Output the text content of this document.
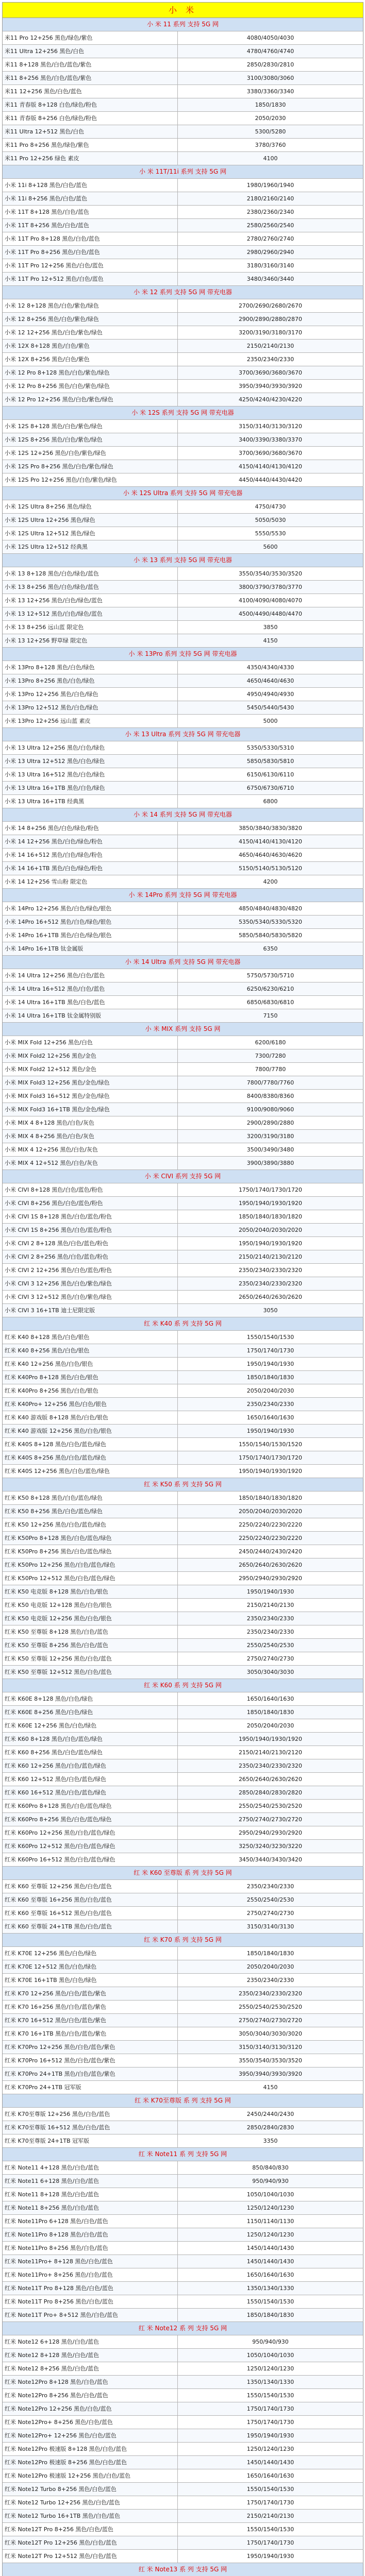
小 米
小 米 11 系列 支持 5G 网
米11 Pro 12+256 黑色/绿色/紫色	4080/4050/4030
米11 Ultra 12+256 黑色/白色	4780/4760/4740
米11 8+128 黑色/白色/蓝色/紫色	2850/2830/2810
米11 8+256 黑色/白色/蓝色/紫色	3100/3080/3060
米11 12+256 黑色/白色/蓝色	3380/3360/3340
米11 青春版 8+128 白色/绿色/粉色	1850/1830
米11 青春版 8+256 白色/绿色/粉色	2050/2030
米11 Ultra 12+512 黑色/白色	5300/5280
米11 Pro 8+256 黑色/绿色/紫色	3780/3760
米11 Pro 12+256 绿色 素皮	4100
小 米 11T/11i 系列 支持 5G 网
小米 11i 8+128 黑色/白色/蓝色	1980/1960/1940
小米 11i 8+256 黑色/白色/蓝色	2180/2160/2140
小米 11T 8+128 黑色/白色/蓝色	2380/2360/2340
小米 11T 8+256 黑色/白色/蓝色	2580/2560/2540
小米 11T Pro 8+128 黑色/白色/蓝色	2780/2760/2740
小米 11T Pro 8+256 黑色/白色/蓝色	2980/2960/2940
小米 11T Pro 12+256 黑色/白色/蓝色	3180/3160/3140
小米 11T Pro 12+512 黑色/白色/蓝色	3480/3460/3440
小 米 12 系列 支持 5G 网 带充电器
小米 12 8+128 黑色/白色/紫色/绿色	2700/2690/2680/2670
小米 12 8+256 黑色/白色/紫色/绿色	2900/2890/2880/2870
小米 12 12+256 黑色/白色/紫色/绿色	3200/3190/3180/3170
小米 12X 8+128 黑色/白色/紫色	2150/2140/2130
小米 12X 8+256 黑色/白色/紫色	2350/2340/2330
小米 12 Pro 8+128 黑色/白色/紫色/绿色	3700/3690/3680/3670
小米 12 Pro 8+256 黑色/白色/紫色/绿色	3950/3940/3930/3920
小米 12 Pro 12+256 黑色/白色/紫色/绿色	4250/4240/4230/4220
小 米 12S 系列 支持 5G 网 带充电器
小米 12S 8+128 黑色/白色/紫色/绿色	3150/3140/3130/3120
小米 12S 8+256 黑色/白色/紫色/绿色	3400/3390/3380/3370
小米 12S 12+256 黑色/白色/紫色/绿色	3700/3690/3680/3670
小米 12S Pro 8+256 黑色/白色/紫色/绿色	4150/4140/4130/4120
小米 12S Pro 12+256 黑色/白色/紫色/绿色	4450/4440/4430/4420
小 米 12S Ultra 系列 支持 5G 网 带充电器
小米 12S Ultra 8+256 黑色/绿色	4750/4730
小米 12S Ultra 12+256 黑色/绿色	5050/5030
小米 12S Ultra 12+512 黑色/绿色	5550/5530
小米 12S Ultra 12+512 经典黑	5600
小 米 13 系列 支持 5G 网 带充电器
小米 13 8+128 黑色/白色/绿色/蓝色	3550/3540/3530/3520
小米 13 8+256 黑色/白色/绿色/蓝色	3800/3790/3780/3770
小米 13 12+256 黑色/白色/绿色/蓝色	4100/4090/4080/4070
小米 13 12+512 黑色/白色/绿色/蓝色	4500/4490/4480/4470
小米 13 8+256 远山蓝 限定色	3850
小米 13 12+256 野草绿 限定色	4150
小 米 13Pro 系列 支持 5G 网 带充电器
小米 13Pro 8+128 黑色/白色/绿色	4350/4340/4330
小米 13Pro 8+256 黑色/白色/绿色	4650/4640/4630
小米 13Pro 12+256 黑色/白色/绿色	4950/4940/4930
小米 13Pro 12+512 黑色/白色/绿色	5450/5440/5430
小米 13Pro 12+256 远山蓝 素皮	5000
小 米 13 Ultra 系列 支持 5G 网 带充电器
小米 13 Ultra 12+256 黑色/白色/绿色	5350/5330/5310
小米 13 Ultra 12+512 黑色/白色/绿色	5850/5830/5810
小米 13 Ultra 16+512 黑色/白色/绿色	6150/6130/6110
小米 13 Ultra 16+1TB 黑色/白色/绿色	6750/6730/6710
小米 13 Ultra 16+1TB 经典黑	6800
小 米 14 系列 支持 5G 网 带充电器
小米 14 8+256 黑色/白色/绿色/粉色	3850/3840/3830/3820
小米 14 12+256 黑色/白色/绿色/粉色	4150/4140/4130/4120
小米 14 16+512 黑色/白色/绿色/粉色	4650/4640/4630/4620
小米 14 16+1TB 黑色/白色/绿色/粉色	5150/5140/5130/5120
小米 14 12+256 雪山粉 限定色	4200
小 米 14Pro 系列 支持 5G 网 带充电器
小米 14Pro 12+256 黑色/白色/绿色/银色	4850/4840/4830/4820
小米 14Pro 16+512 黑色/白色/绿色/银色	5350/5340/5330/5320
小米 14Pro 16+1TB 黑色/白色/绿色/银色	5850/5840/5830/5820
小米 14Pro 16+1TB 钛金属版	6350
小 米 14 Ultra 系列 支持 5G 网 带充电器
小米 14 Ultra 12+256 黑色/白色/蓝色	5750/5730/5710
小米 14 Ultra 16+512 黑色/白色/蓝色	6250/6230/6210
小米 14 Ultra 16+1TB 黑色/白色/蓝色	6850/6830/6810
小米 14 Ultra 16+1TB 钛金属特别版	7150
小 米 MIX 系列 支持 5G 网
小米 MIX Fold 12+256 黑色/白色	6200/6180
小米 MIX Fold2 12+256 黑色/金色	7300/7280
小米 MIX Fold2 12+512 黑色/金色	7800/7780
小米 MIX Fold3 12+256 黑色/金色/绿色	7800/7780/7760
小米 MIX Fold3 16+512 黑色/金色/绿色	8400/8380/8360
小米 MIX Fold3 16+1TB 黑色/金色/绿色	9100/9080/9060
小米 MIX 4 8+128 黑色/白色/灰色	2900/2890/2880
小米 MIX 4 8+256 黑色/白色/灰色	3200/3190/3180
小米 MIX 4 12+256 黑色/白色/灰色	3500/3490/3480
小米 MIX 4 12+512 黑色/白色/灰色	3900/3890/3880
小 米 CIVI 系列 支持 5G 网
小米 CIVI 8+128 黑色/白色/蓝色/粉色	1750/1740/1730/1720
小米 CIVI 8+256 黑色/白色/蓝色/粉色	1950/1940/1930/1920
小米 CIVI 1S 8+128 黑色/白色/蓝色/粉色	1850/1840/1830/1820
小米 CIVI 1S 8+256 黑色/白色/蓝色/粉色	2050/2040/2030/2020
小米 CIVI 2 8+128 黑色/白色/蓝色/粉色	1950/1940/1930/1920
小米 CIVI 2 8+256 黑色/白色/蓝色/粉色	2150/2140/2130/2120
小米 CIVI 2 12+256 黑色/白色/蓝色/粉色	2350/2340/2330/2320
小米 CIVI 3 12+256 黑色/白色/紫色/绿色	2350/2340/2330/2320
小米 CIVI 3 12+512 黑色/白色/紫色/绿色	2650/2640/2630/2620
小米 CIVI 3 16+1TB 迪士尼限定版	3050
红 米 K40 系 列 支持 5G 网
红米 K40 8+128 黑色/白色/银色	1550/1540/1530
红米 K40 8+256 黑色/白色/银色	1750/1740/1730
红米 K40 12+256 黑色/白色/银色	1950/1940/1930
红米 K40Pro 8+128 黑色/白色/银色	1850/1840/1830
红米 K40Pro 8+256 黑色/白色/银色	2050/2040/2030
红米 K40Pro+ 12+256 黑色/白色/银色	2350/2340/2330
红米 K40 游戏版 8+128 黑色/白色/银色	1650/1640/1630
红米 K40 游戏版 12+256 黑色/白色/银色	1950/1940/1930
红米 K40S 8+128 黑色/白色/蓝色/绿色	1550/1540/1530/1520
红米 K40S 8+256 黑色/白色/蓝色/绿色	1750/1740/1730/1720
红米 K40S 12+256 黑色/白色/蓝色/绿色	1950/1940/1930/1920
红 米 K50 系 列 支持 5G 网
红米 K50 8+128 黑色/白色/蓝色/绿色	1850/1840/1830/1820
红米 K50 8+256 黑色/白色/蓝色/绿色	2050/2040/2030/2020
红米 K50 12+256 黑色/白色/蓝色/绿色	2250/2240/2230/2220
红米 K50Pro 8+128 黑色/白色/蓝色/绿色	2250/2240/2230/2220
红米 K50Pro 8+256 黑色/白色/蓝色/绿色	2450/2440/2430/2420
红米 K50Pro 12+256 黑色/白色/蓝色/绿色	2650/2640/2630/2620
红米 K50Pro 12+512 黑色/白色/蓝色/绿色	2950/2940/2930/2920
红米 K50 电竞版 8+128 黑色/白色/银色	1950/1940/1930
红米 K50 电竞版 12+128 黑色/白色/银色	2150/2140/2130
红米 K50 电竞版 12+256 黑色/白色/银色	2350/2340/2330
红米 K50 至尊版 8+128 黑色/白色/蓝色	2350/2340/2330
红米 K50 至尊版 8+256 黑色/白色/蓝色	2550/2540/2530
红米 K50 至尊版 12+256 黑色/白色/蓝色	2750/2740/2730
红米 K50 至尊版 12+512 黑色/白色/蓝色	3050/3040/3030
红 米 K60 系 列 支持 5G 网
红米 K60E 8+128 黑色/白色/绿色	1650/1640/1630
红米 K60E 8+256 黑色/白色/绿色	1850/1840/1830
红米 K60E 12+256 黑色/白色/绿色	2050/2040/2030
红米 K60 8+128 黑色/白色/蓝色/绿色	1950/1940/1930/1920
红米 K60 8+256 黑色/白色/蓝色/绿色	2150/2140/2130/2120
红米 K60 12+256 黑色/白色/蓝色/绿色	2350/2340/2330/2320
红米 K60 12+512 黑色/白色/蓝色/绿色	2650/2640/2630/2620
红米 K60 16+512 黑色/白色/蓝色/绿色	2850/2840/2830/2820
红米 K60Pro 8+128 黑色/白色/蓝色/绿色	2550/2540/2530/2520
红米 K60Pro 8+256 黑色/白色/蓝色/绿色	2750/2740/2730/2720
红米 K60Pro 12+256 黑色/白色/蓝色/绿色	2950/2940/2930/2920
红米 K60Pro 12+512 黑色/白色/蓝色/绿色	3250/3240/3230/3220
红米 K60Pro 16+512 黑色/白色/蓝色/绿色	3450/3440/3430/3420
红 米 K60 至尊版 系 列 支持 5G 网
红米 K60 至尊版 12+256 黑色/白色/蓝色	2350/2340/2330
红米 K60 至尊版 16+256 黑色/白色/蓝色	2550/2540/2530
红米 K60 至尊版 16+512 黑色/白色/蓝色	2750/2740/2730
红米 K60 至尊版 24+1TB 黑色/白色/蓝色	3150/3140/3130
红 米 K70 系 列 支持 5G 网
红米 K70E 12+256 黑色/白色/绿色	1850/1840/1830
红米 K70E 12+512 黑色/白色/绿色	2050/2040/2030
红米 K70E 16+1TB 黑色/白色/绿色	2350/2340/2330
红米 K70 12+256 黑色/白色/蓝色/紫色	2350/2340/2330/2320
红米 K70 16+256 黑色/白色/蓝色/紫色	2550/2540/2530/2520
红米 K70 16+512 黑色/白色/蓝色/紫色	2750/2740/2730/2720
红米 K70 16+1TB 黑色/白色/蓝色/紫色	3050/3040/3030/3020
红米 K70Pro 12+256 黑色/白色/蓝色/紫色	3150/3140/3130/3120
红米 K70Pro 16+512 黑色/白色/蓝色/紫色	3550/3540/3530/3520
红米 K70Pro 24+1TB 黑色/白色/蓝色/紫色	3950/3940/3930/3920
红米 K70Pro 24+1TB 冠军版	4150
红 米 K70至尊版 系 列 支持 5G 网
红米 K70至尊版 12+256 黑色/白色/蓝色	2450/2440/2430
红米 K70至尊版 16+512 黑色/白色/蓝色	2850/2840/2830
红米 K70至尊版 24+1TB 冠军版	3350
红 米 Note11 系 列 支持 5G 网
红米 Note11 4+128 黑色/白色/蓝色	850/840/830
红米 Note11 6+128 黑色/白色/蓝色	950/940/930
红米 Note11 8+128 黑色/白色/蓝色	1050/1040/1030
红米 Note11 8+256 黑色/白色/蓝色	1250/1240/1230
红米 Note11Pro 6+128 黑色/白色/蓝色	1150/1140/1130
红米 Note11Pro 8+128 黑色/白色/蓝色	1250/1240/1230
红米 Note11Pro 8+256 黑色/白色/蓝色	1450/1440/1430
红米 Note11Pro+ 8+128 黑色/白色/蓝色	1450/1440/1430
红米 Note11Pro+ 8+256 黑色/白色/蓝色	1650/1640/1630
红米 Note11T Pro 8+128 黑色/白色/蓝色	1350/1340/1330
红米 Note11T Pro 8+256 黑色/白色/蓝色	1550/1540/1530
红米 Note11T Pro+ 8+512 黑色/白色/蓝色	1850/1840/1830
红 米 Note12 系 列 支持 5G 网
红米 Note12 6+128 黑色/白色/蓝色	950/940/930
红米 Note12 8+128 黑色/白色/蓝色	1050/1040/1030
红米 Note12 8+256 黑色/白色/蓝色	1250/1240/1230
红米 Note12Pro 8+128 黑色/白色/蓝色	1350/1340/1330
红米 Note12Pro 8+256 黑色/白色/蓝色	1550/1540/1530
红米 Note12Pro 12+256 黑色/白色/蓝色	1750/1740/1730
红米 Note12Pro+ 8+256 黑色/白色/蓝色	1750/1740/1730
红米 Note12Pro+ 12+256 黑色/白色/蓝色	1950/1940/1930
红米 Note12Pro 极速版 8+128 黑色/白色/蓝色	1250/1240/1230
红米 Note12Pro 极速版 8+256 黑色/白色/蓝色	1450/1440/1430
红米 Note12Pro 极速版 12+256 黑色/白色/蓝色	1650/1640/1630
红米 Note12 Turbo 8+256 黑色/白色/蓝色	1550/1540/1530
红米 Note12 Turbo 12+256 黑色/白色/蓝色	1750/1740/1730
红米 Note12 Turbo 16+1TB 黑色/白色/蓝色	2150/2140/2130
红米 Note12T Pro 8+256 黑色/白色/蓝色	1550/1540/1530
红米 Note12T Pro 12+256 黑色/白色/蓝色	1750/1740/1730
红米 Note12T Pro 12+512 黑色/白色/蓝色	1950/1940/1930
红 米 Note13 系 列 支持 5G 网
